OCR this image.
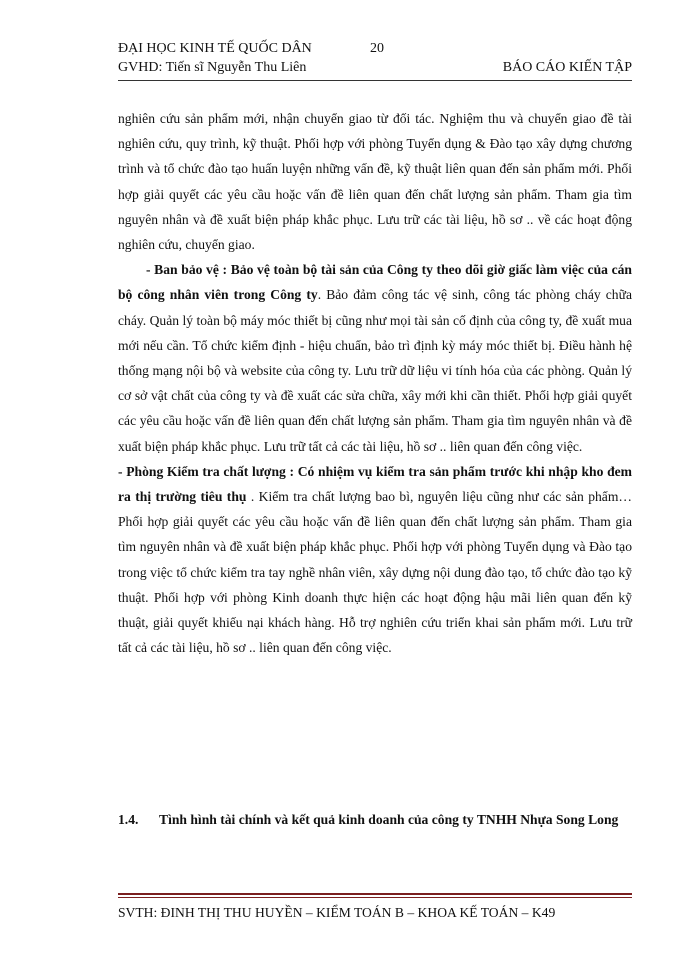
ĐẠI HỌC KINH TẾ QUỐC DÂN	20
GVHD: Tiến sĩ Nguyễn Thu Liên	BÁO CÁO KIẾN TẬP

nghiên cứu sản phẩm mới, nhận chuyển giao từ đối tác. Nghiệm thu và chuyển giao đề tài nghiên cứu, quy trình, kỹ thuật. Phối hợp với phòng Tuyển dụng & Đào tạo xây dựng chương trình và tổ chức đào tạo huấn luyện những vấn đề, kỹ thuật liên quan đến sản phẩm mới. Phối hợp giải quyết các yêu cầu hoặc vấn đề liên quan đến chất lượng sản phẩm. Tham gia tìm nguyên nhân và đề xuất biện pháp khắc phục. Lưu trữ các tài liệu, hồ sơ .. về các hoạt động nghiên cứu, chuyển giao.

- Ban bảo vệ : Bảo vệ toàn bộ tài sản của Công ty theo dõi giờ giấc làm việc của cán bộ công nhân viên trong Công ty. Bảo đảm công tác vệ sinh, công tác phòng cháy chữa cháy. Quản lý toàn bộ máy móc thiết bị cũng như mọi tài sản cố định của công ty, đề xuất mua mới nếu cần. Tổ chức kiểm định - hiệu chuẩn, bảo trì định kỳ máy móc thiết bị. Điều hành hệ thống mạng nội bộ và website của công ty. Lưu trữ dữ liệu vi tính hóa của các phòng. Quản lý cơ sở vật chất của công ty và đề xuất các sửa chữa, xây mới khi cần thiết. Phối hợp giải quyết các yêu cầu hoặc vấn đề liên quan đến chất lượng sản phẩm. Tham gia tìm nguyên nhân và đề xuất biện pháp khắc phục. Lưu trữ tất cả các tài liệu, hồ sơ .. liên quan đến công việc.

- Phòng Kiểm tra chất lượng : Có nhiệm vụ kiểm tra sản phẩm trước khi nhập kho đem ra thị trường tiêu thụ . Kiểm tra chất lượng bao bì, nguyên liệu cũng như các sản phẩm… Phối hợp giải quyết các yêu cầu hoặc vấn đề liên quan đến chất lượng sản phẩm. Tham gia tìm nguyên nhân và đề xuất biện pháp khắc phục. Phối hợp với phòng Tuyển dụng và Đào tạo trong việc tổ chức kiểm tra tay nghề nhân viên, xây dựng nội dung đào tạo, tổ chức đào tạo kỹ thuật. Phối hợp với phòng Kinh doanh thực hiện các hoạt động hậu mãi liên quan đến kỹ thuật, giải quyết khiếu nại khách hàng. Hỗ trợ nghiên cứu triển khai sản phẩm mới. Lưu trữ tất cả các tài liệu, hồ sơ .. liên quan đến công việc.

1.4.	Tình hình tài chính và kết quả kinh doanh của công ty TNHH Nhựa Song Long
SVTH: ĐINH THỊ THU HUYỀN – KIỂM TOÁN B – KHOA KẾ TOÁN – K49
